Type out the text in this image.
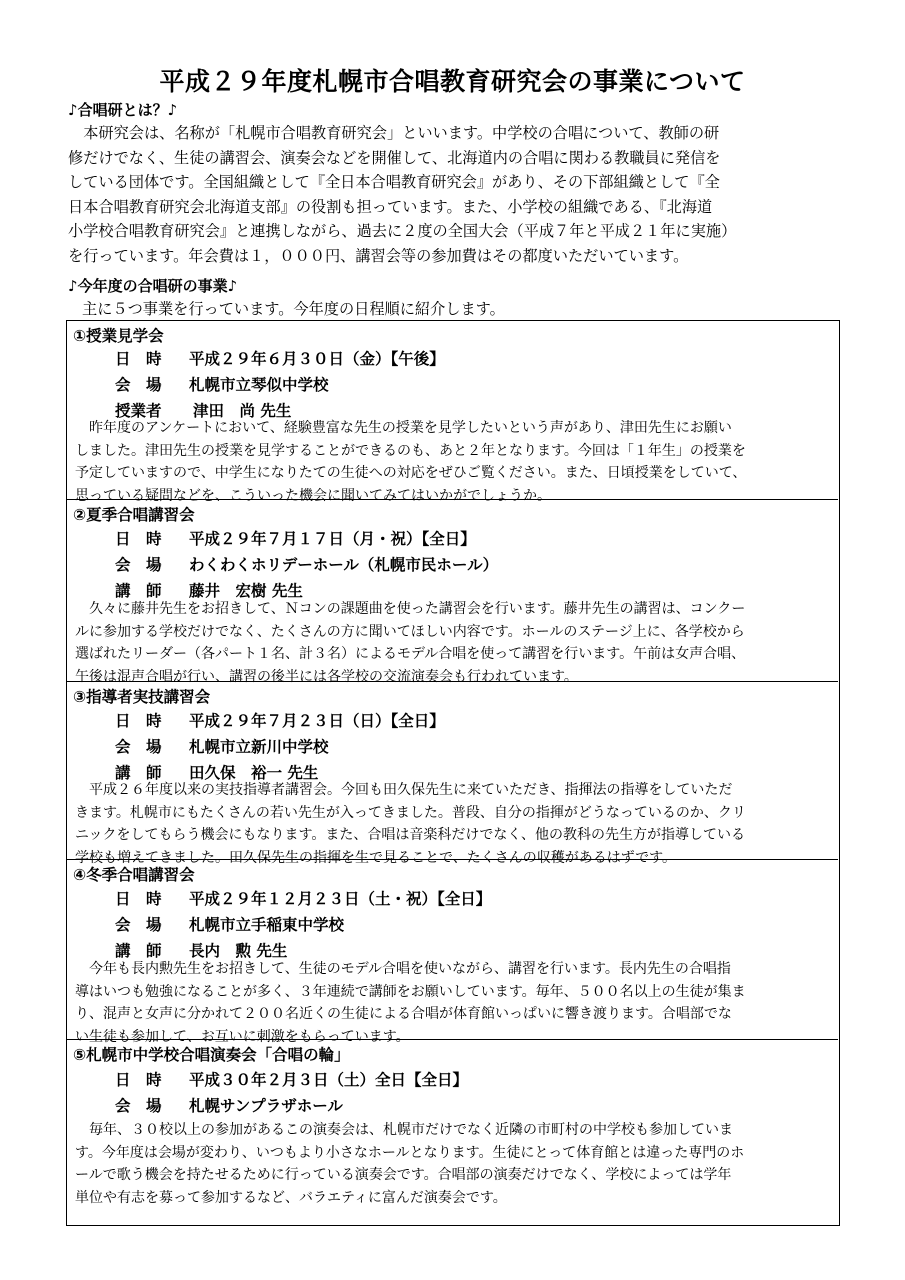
平成２９年度札幌市合唱教育研究会の事業について
♪合唱研とは？♪
　本研究会は、名称が「札幌市合唱教育研究会」といいます。中学校の合唱について、教師の研
修だけでなく、生徒の講習会、演奏会などを開催して、北海道内の合唱に関わる教職員に発信を
している団体です。全国組織として『全日本合唱教育研究会』があり、その下部組織として『全
日本合唱教育研究会北海道支部』の役割も担っています。また、小学校の組織である、『北海道
小学校合唱教育研究会』と連携しながら、過去に２度の全国大会（平成７年と平成２１年に実施）
を行っています。年会費は１，０００円、講習会等の参加費はその都度いただいています。
♪今年度の合唱研の事業♪
主に５つ事業を行っています。今年度の日程順に紹介します。
①授業見学会
日　時 平成２９年６月３０日（金）【午後】
会　場 札幌市立琴似中学校
授業者 津田　尚 先生
　昨年度のアンケートにおいて、経験豊富な先生の授業を見学したいという声があり、津田先生にお願い
しました。津田先生の授業を見学することができるのも、あと２年となります。今回は「１年生」の授業を
予定していますので、中学生になりたての生徒への対応をぜひご覧ください。また、日頃授業をしていて、
思っている疑問などを、こういった機会に聞いてみてはいかがでしょうか。
②夏季合唱講習会
日　時 平成２９年７月１７日（月・祝）【全日】
会　場 わくわくホリデーホール（札幌市民ホール）
講　師 藤井　宏樹 先生
　久々に藤井先生をお招きして、Ｎコンの課題曲を使った講習会を行います。藤井先生の講習は、コンクー
ルに参加する学校だけでなく、たくさんの方に聞いてほしい内容です。ホールのステージ上に、各学校から
選ばれたリーダー（各パート１名、計３名）によるモデル合唱を使って講習を行います。午前は女声合唱、
午後は混声合唱が行い、講習の後半には各学校の交流演奏会も行われています。
③指導者実技講習会
日　時 平成２９年７月２３日（日）【全日】
会　場 札幌市立新川中学校
講　師 田久保　裕一 先生
　平成２６年度以来の実技指導者講習会。今回も田久保先生に来ていただき、指揮法の指導をしていただ
きます。札幌市にもたくさんの若い先生が入ってきました。普段、自分の指揮がどうなっているのか、クリ
ニックをしてもらう機会にもなります。また、合唱は音楽科だけでなく、他の教科の先生方が指導している
学校も増えてきました。田久保先生の指揮を生で見ることで、たくさんの収穫があるはずです。
④冬季合唱講習会
日　時 平成２９年１２月２３日（土・祝）【全日】
会　場 札幌市立手稲東中学校
講　師 長内　勲 先生
　今年も長内勲先生をお招きして、生徒のモデル合唱を使いながら、講習を行います。長内先生の合唱指
導はいつも勉強になることが多く、３年連続で講師をお願いしています。毎年、５００名以上の生徒が集ま
り、混声と女声に分かれて２００名近くの生徒による合唱が体育館いっぱいに響き渡ります。合唱部でな
い生徒も参加して、お互いに刺激をもらっています。
⑤札幌市中学校合唱演奏会「合唱の輪」
日　時 平成３０年２月３日（土）全日【全日】
会　場 札幌サンプラザホール
　毎年、３０校以上の参加があるこの演奏会は、札幌市だけでなく近隣の市町村の中学校も参加していま
す。今年度は会場が変わり、いつもより小さなホールとなります。生徒にとって体育館とは違った専門のホ
ールで歌う機会を持たせるために行っている演奏会です。合唱部の演奏だけでなく、学校によっては学年
単位や有志を募って参加するなど、バラエティに富んだ演奏会です。
